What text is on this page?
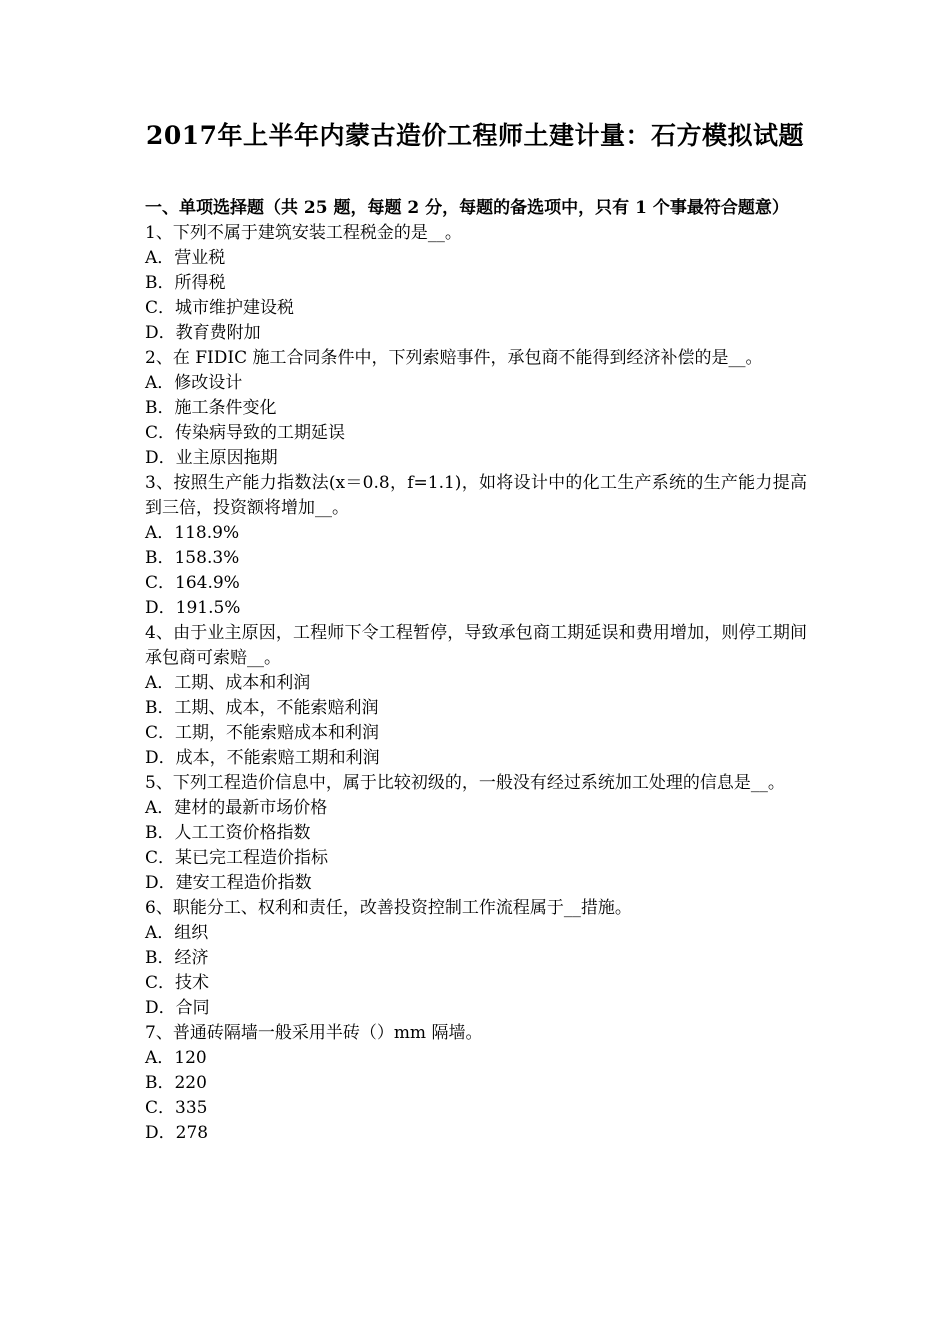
2017年上半年内蒙古造价工程师土建计量：石方模拟试题

一、单项选择题（共 25 题，每题 2 分，每题的备选项中，只有 1 个事最符合题意）

1、下列不属于建筑安装工程税金的是__。

A．营业税

B．所得税

C．城市维护建设税

D．教育费附加

2、在 FIDIC 施工合同条件中，下列索赔事件，承包商不能得到经济补偿的是__。

A．修改设计

B．施工条件变化

C．传染病导致的工期延误

D．业主原因拖期

3、按照生产能力指数法(x＝0.8，f=1.1)，如将设计中的化工生产系统的生产能力提高到三倍，投资额将增加__。

A．118.9%

B．158.3%

C．164.9%

D．191.5%

4、由于业主原因，工程师下令工程暂停，导致承包商工期延误和费用增加，则停工期间承包商可索赔__。

A．工期、成本和利润

B．工期、成本，不能索赔利润

C．工期，不能索赔成本和利润

D．成本，不能索赔工期和利润

5、下列工程造价信息中，属于比较初级的，一般没有经过系统加工处理的信息是__。

A．建材的最新市场价格

B．人工工资价格指数

C．某已完工程造价指标

D．建安工程造价指数

6、职能分工、权利和责任，改善投资控制工作流程属于__措施。

A．组织

B．经济

C．技术

D．合同

7、普通砖隔墙一般采用半砖（）mm 隔墙。

A．120

B．220

C．335

D．278
